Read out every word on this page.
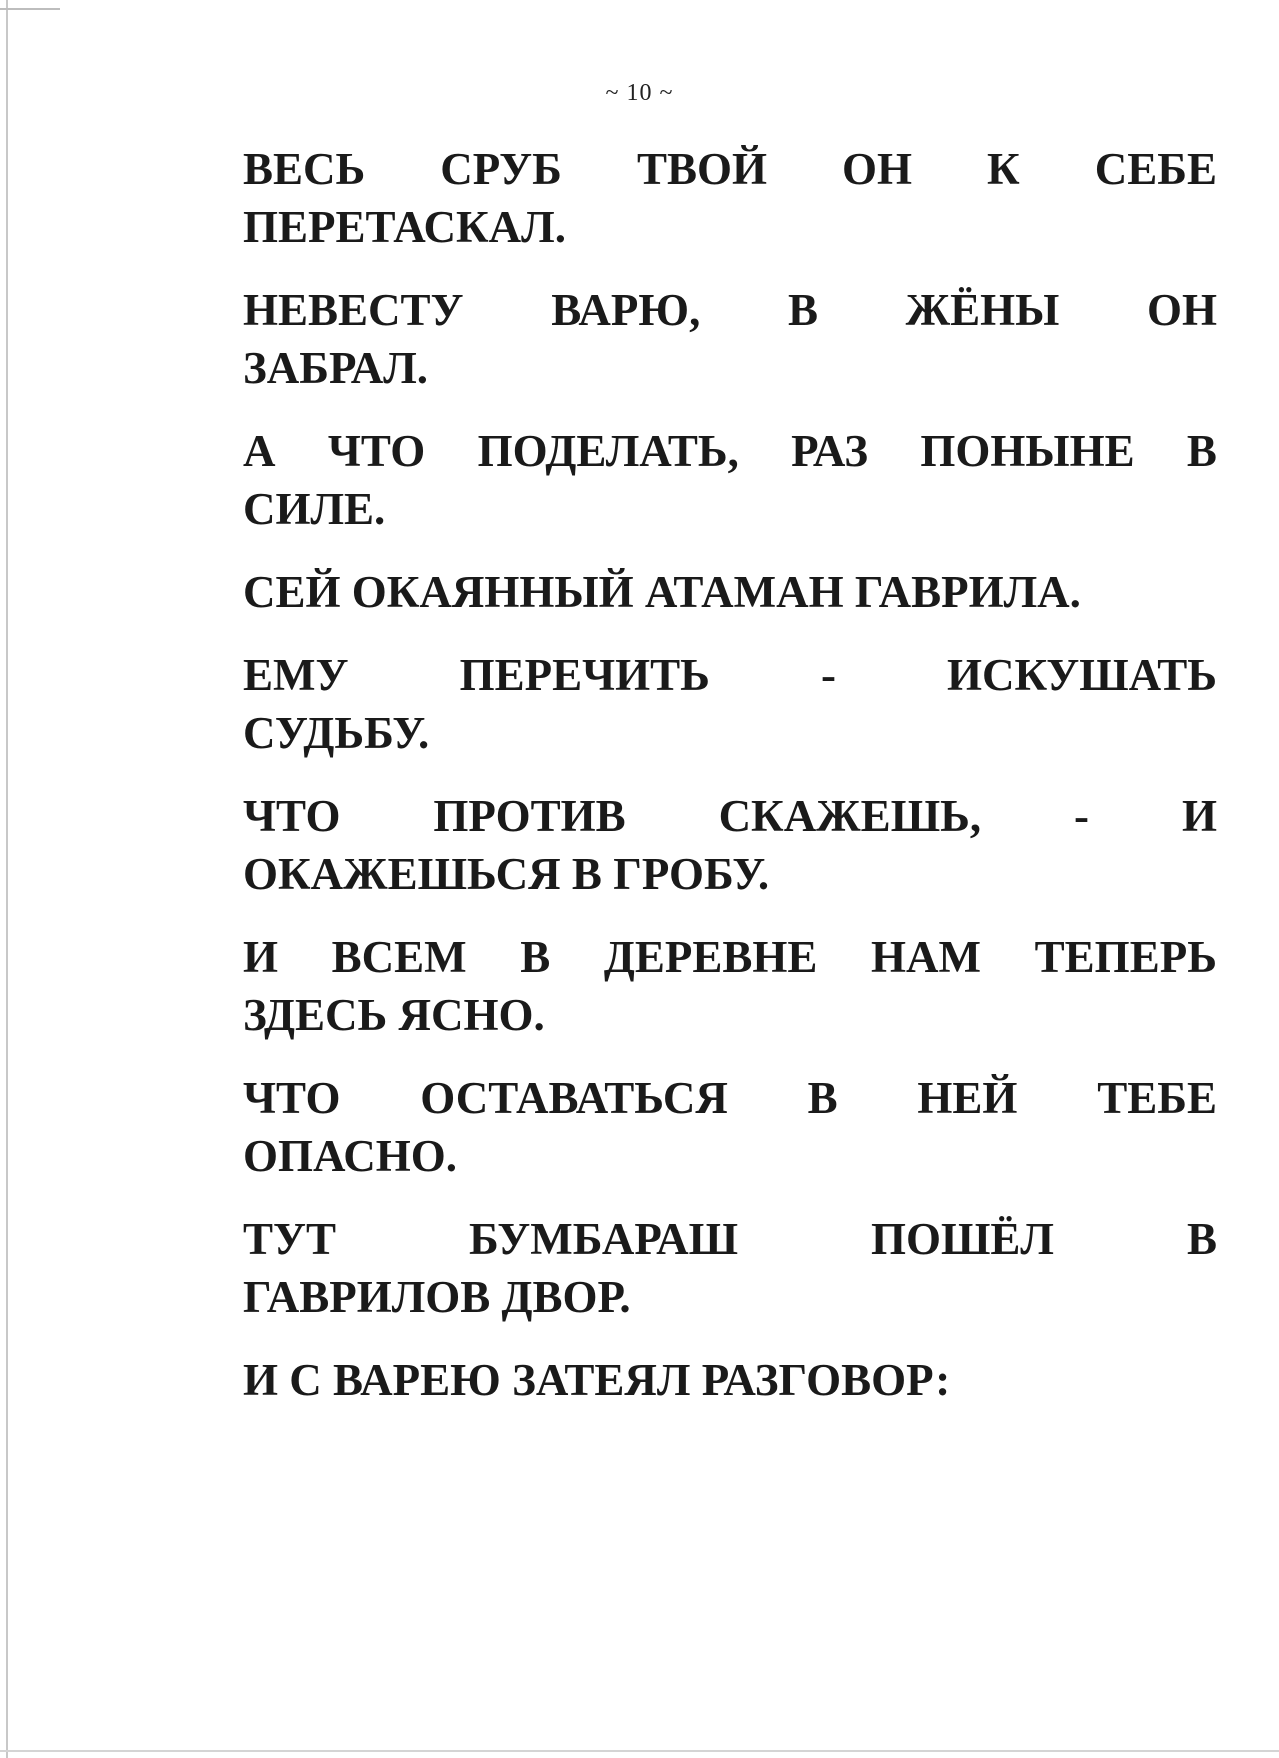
~ 10 ~
ВЕСЬ СРУБ ТВОЙ ОН К СЕБЕ
ПЕРЕТАСКАЛ.
НЕВЕСТУ ВАРЮ, В ЖЁНЫ ОН
ЗАБРАЛ.
А ЧТО ПОДЕЛАТЬ, РАЗ ПОНЫНЕ В
СИЛЕ.
СЕЙ ОКАЯННЫЙ АТАМАН ГАВРИЛА.
ЕМУ ПЕРЕЧИТЬ - ИСКУШАТЬ
СУДЬБУ.
ЧТО ПРОТИВ СКАЖЕШЬ, - И
ОКАЖЕШЬСЯ В ГРОБУ.
И ВСЕМ В ДЕРЕВНЕ НАМ ТЕПЕРЬ
ЗДЕСЬ ЯСНО.
ЧТО ОСТАВАТЬСЯ В НЕЙ ТЕБЕ
ОПАСНО.
ТУТ	БУМБАРАШ	ПОШЁЛ	В
ГАВРИЛОВ ДВОР.
И С ВАРЕЮ ЗАТЕЯЛ РАЗГОВОР:
